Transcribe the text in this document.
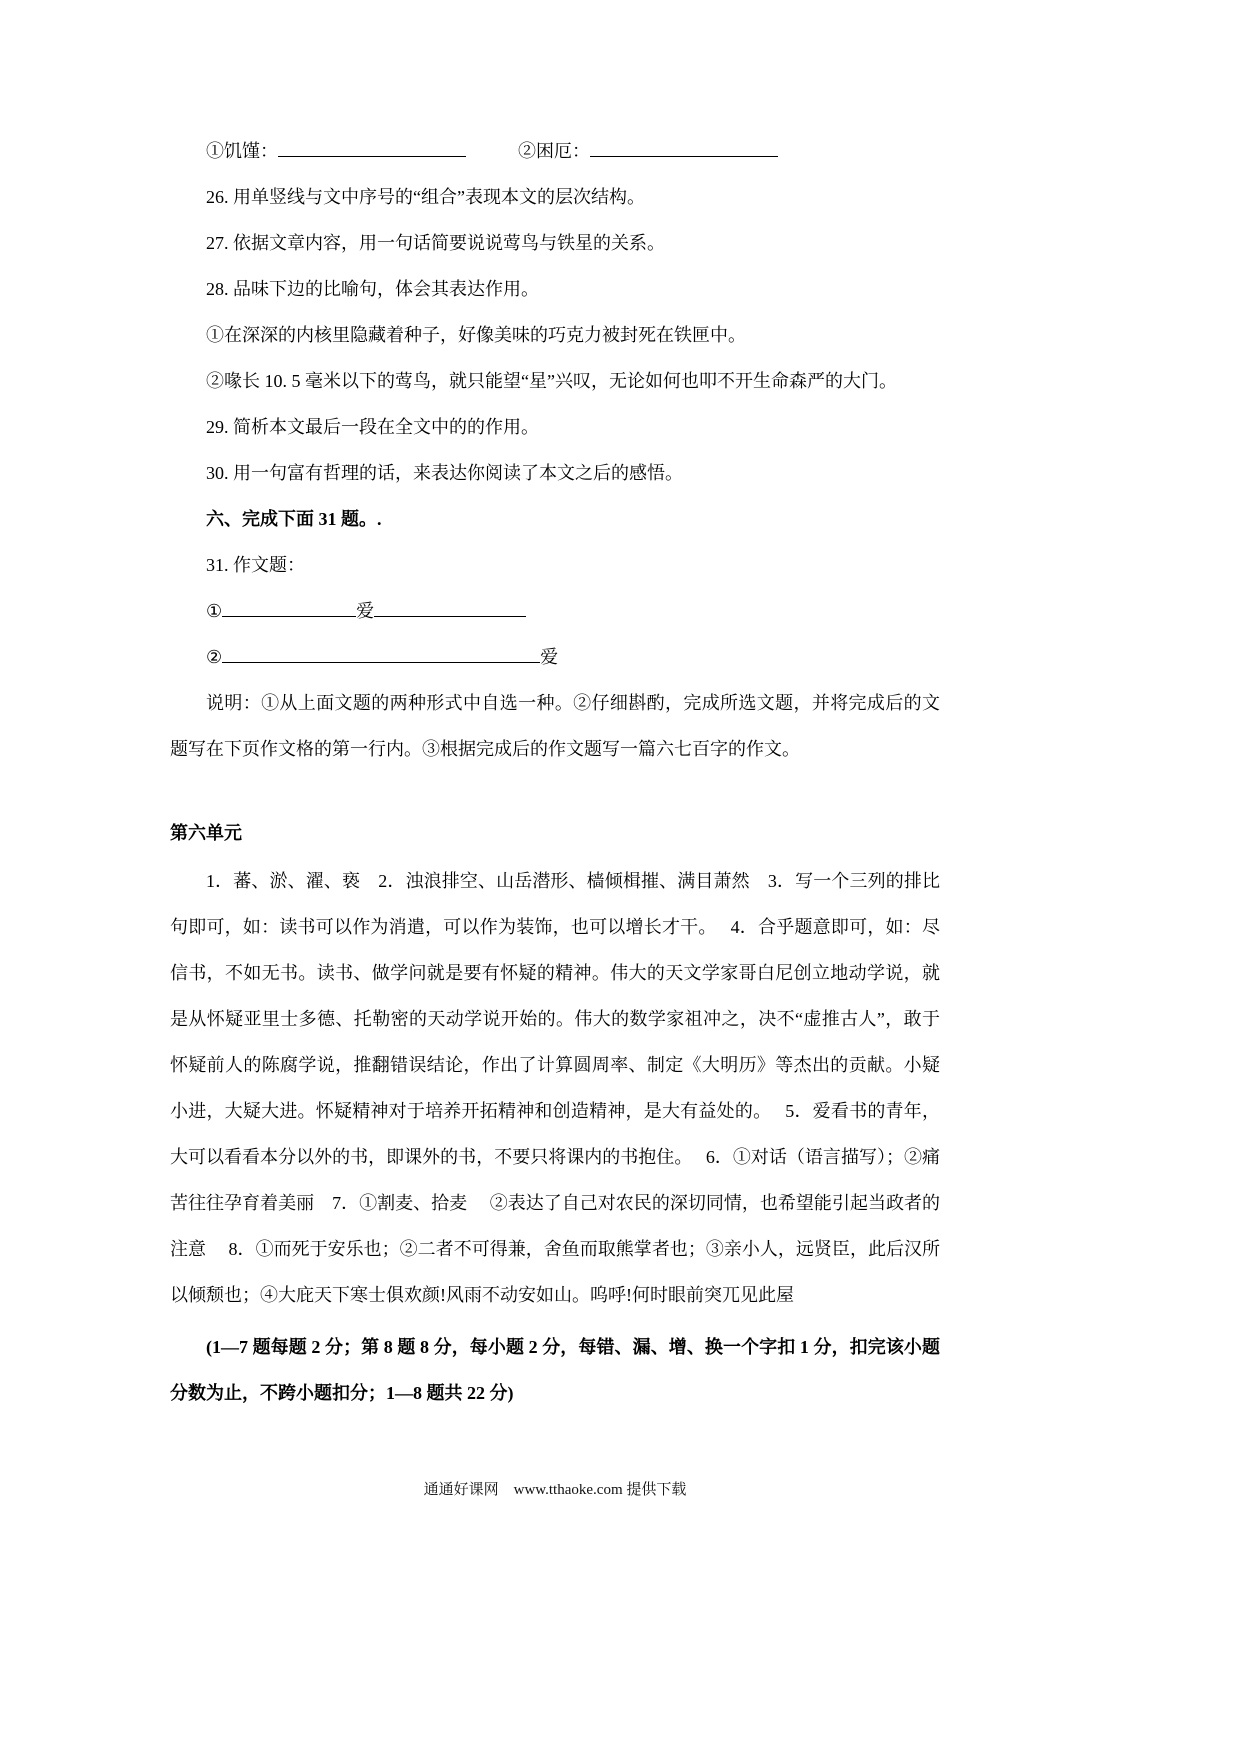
①饥馑：	②困厄：

26. 用单竖线与文中序号的“组合”表现本文的层次结构。

27. 依据文章内容，用一句话简要说说莺鸟与铁星的关系。

28. 品味下边的比喻句，体会其表达作用。

①在深深的内核里隐藏着种子，好像美味的巧克力被封死在铁匣中。

②喙长 10. 5 毫米以下的莺鸟，就只能望“星”兴叹，无论如何也叩不开生命森严的大门。

29. 简析本文最后一段在全文中的的作用。

30. 用一句富有哲理的话，来表达你阅读了本文之后的感悟。

六、完成下面 31 题。.

31. 作文题：

①	爱

②	爱

说明：①从上面文题的两种形式中自选一种。②仔细斟酌，完成所选文题，并将完成后的文题写在下页作文格的第一行内。③根据完成后的作文题写一篇六七百字的作文。

第六单元

1．蕃、淤、濯、亵　2．浊浪排空、山岳潜形、樯倾楫摧、满目萧然　3．写一个三列的排比句即可，如：读书可以作为消遣，可以作为装饰，也可以增长才干。　 4．合乎题意即可，如：尽信书，不如无书。读书、做学问就是要有怀疑的精神。伟大的天文学家哥白尼创立地动学说，就是从怀疑亚里士多德、托勒密的天动学说开始的。伟大的数学家祖冲之，决不“虚推古人”，敢于怀疑前人的陈腐学说，推翻错误结论，作出了计算圆周率、制定《大明历》等杰出的贡献。小疑小进，大疑大进。怀疑精神对于培养开拓精神和创造精神，是大有益处的。　 5．爱看书的青年，大可以看看本分以外的书，即课外的书，不要只将课内的书抱住。　 6．①对话（语言描写）；②痛苦往往孕育着美丽　7．①割麦、拾麦　 ②表达了自己对农民的深切同情，也希望能引起当政者的注意　 8．①而死于安乐也；②二者不可得兼，舍鱼而取熊掌者也；③亲小人，远贤臣，此后汉所以倾颓也；④大庇天下寒士俱欢颜!风雨不动安如山。呜呼!何时眼前突兀见此屋

(1—7 题每题 2 分；第 8 题 8 分，每小题 2 分，每错、漏、增、换一个字扣 1 分，扣完该小题分数为止，不跨小题扣分；1—8 题共 22 分)

通通好课网　www.tthaoke.com 提供下载
